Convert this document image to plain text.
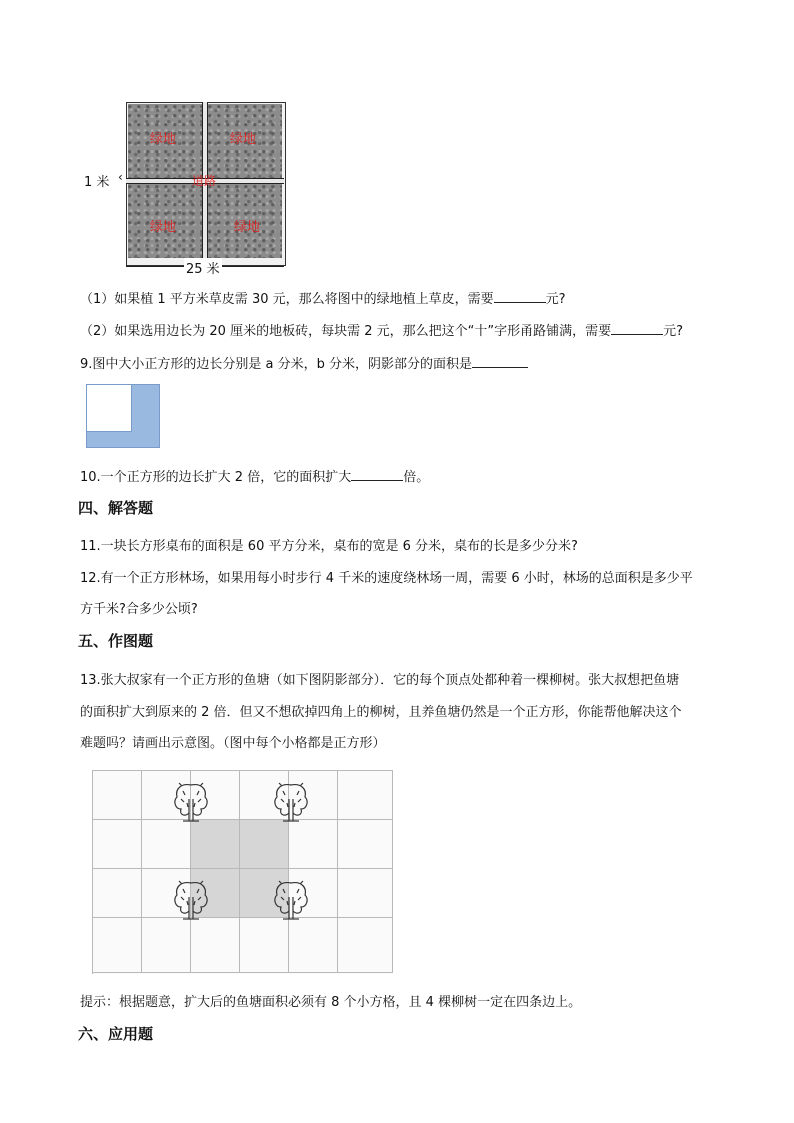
绿地	绿地
绿地	绿地
道路
1 米 ‹
25 米
（1）如果植 1 平方米草皮需 30 元，那么将图中的绿地植上草皮，需要	元?
（2）如果选用边长为 20 厘米的地板砖，每块需 2 元，那么把这个“十”字形甬路铺满，需要	元?
9.图中大小正方形的边长分别是 a 分米，b 分米，阴影部分的面积是
10.一个正方形的边长扩大 2 倍，它的面积扩大	倍。
四、解答题
11.一块长方形桌布的面积是 60 平方分米，桌布的宽是 6 分米，桌布的长是多少分米?
12.有一个正方形林场，如果用每小时步行 4 千米的速度绕林场一周，需要 6 小时，林场的总面积是多少平
方千米?合多少公顷?
五、作图题
13.张大叔家有一个正方形的鱼塘（如下图阴影部分）．它的每个顶点处都种着一棵柳树。张大叔想把鱼塘
的面积扩大到原来的 2 倍．但又不想砍掉四角上的柳树，且养鱼塘仍然是一个正方形，你能帮他解决这个
难题吗？请画出示意图。（图中每个小格都是正方形）
提示：根据题意，扩大后的鱼塘面积必须有 8 个小方格，且 4 棵柳树一定在四条边上。
六、应用题
